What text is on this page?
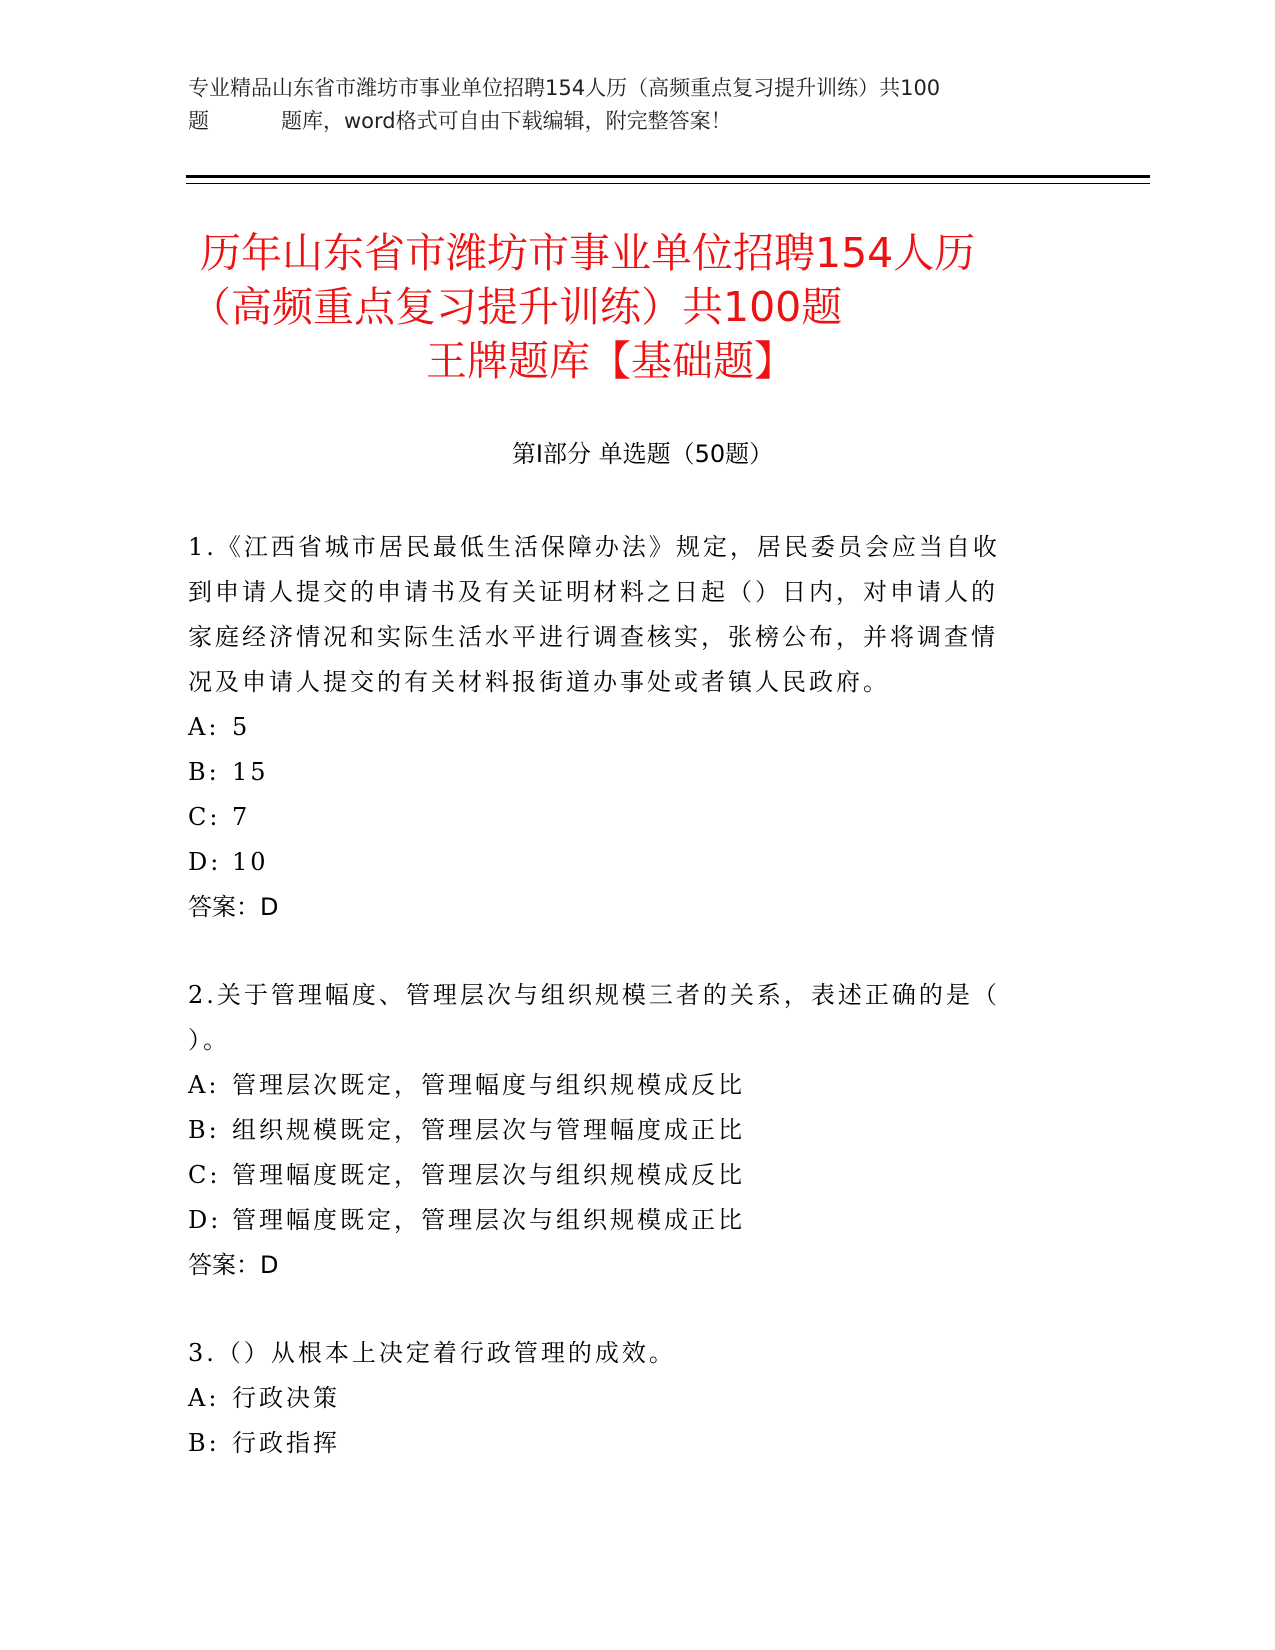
专业精品山东省市潍坊市事业单位招聘154人历（高频重点复习提升训练）共100
题	题库，word格式可自由下载编辑，附完整答案！
历年山东省市潍坊市事业单位招聘154人历
（高频重点复习提升训练）共100题
王牌题库【基础题】
第Ⅰ部分 单选题（50题）

1.《江西省城市居民最低生活保障办法》规定，居民委员会应当自收

到申请人提交的申请书及有关证明材料之日起（）日内，对申请人的

家庭经济情况和实际生活水平进行调查核实，张榜公布，并将调查情

况及申请人提交的有关材料报街道办事处或者镇人民政府。

A: 5

B: 15

C: 7

D: 10

答案：D

2.关于管理幅度、管理层次与组织规模三者的关系，表述正确的是（

）。

A: 管理层次既定，管理幅度与组织规模成反比

B: 组织规模既定，管理层次与管理幅度成正比

C: 管理幅度既定，管理层次与组织规模成反比

D: 管理幅度既定，管理层次与组织规模成正比

答案：D

3.（）从根本上决定着行政管理的成效。

A: 行政决策

B: 行政指挥
